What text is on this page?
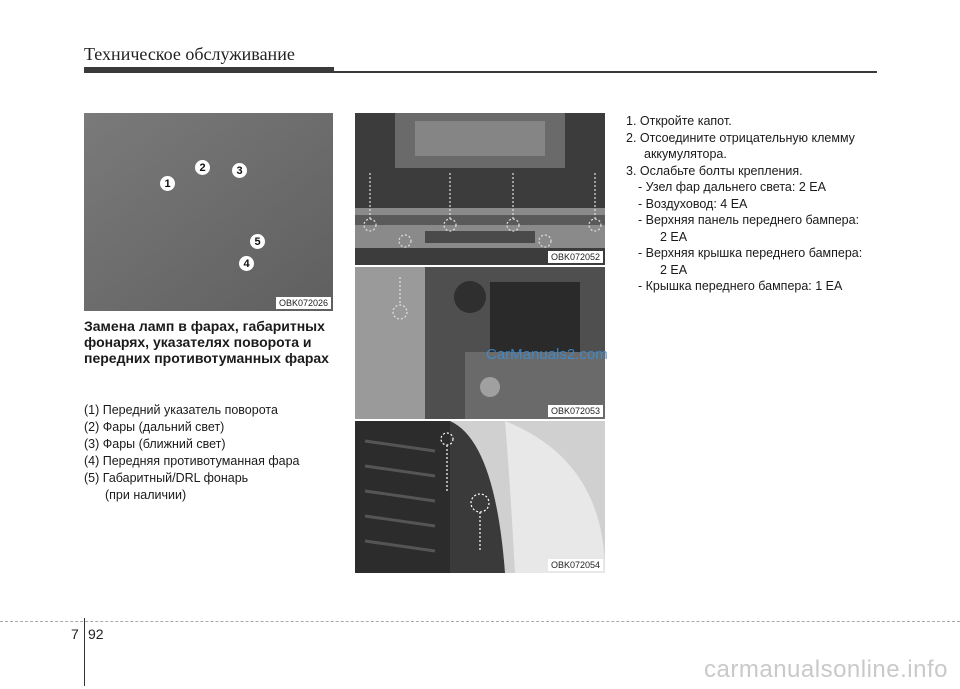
Техническое обслуживание
1
2	3
5
4
OBK072026
OBK072052
OBK072053
OBK072054
Замена ламп в фарах, габаритных фонарях, указателях поворота и передних противотуманных фарах
(1) Передний указатель поворота
(2) Фары (дальний свет)
(3) Фары (ближний свет)
(4) Передняя противотуманная фара
(5) Габаритный/DRL фонарь
(при наличии)
1. Откройте капот.
2. Отсоедините отрицательную клемму
аккумулятора.
3. Ослабьте болты крепления.
- Узел фар дальнего света: 2 EA
- Воздуховод: 4 EA
- Верхняя панель переднего бампера:
2 EA
- Верхняя крышка переднего бампера:
2 EA
- Крышка переднего бампера: 1 EA
CarManuals2.com
7 92
carmanualsonline.info
